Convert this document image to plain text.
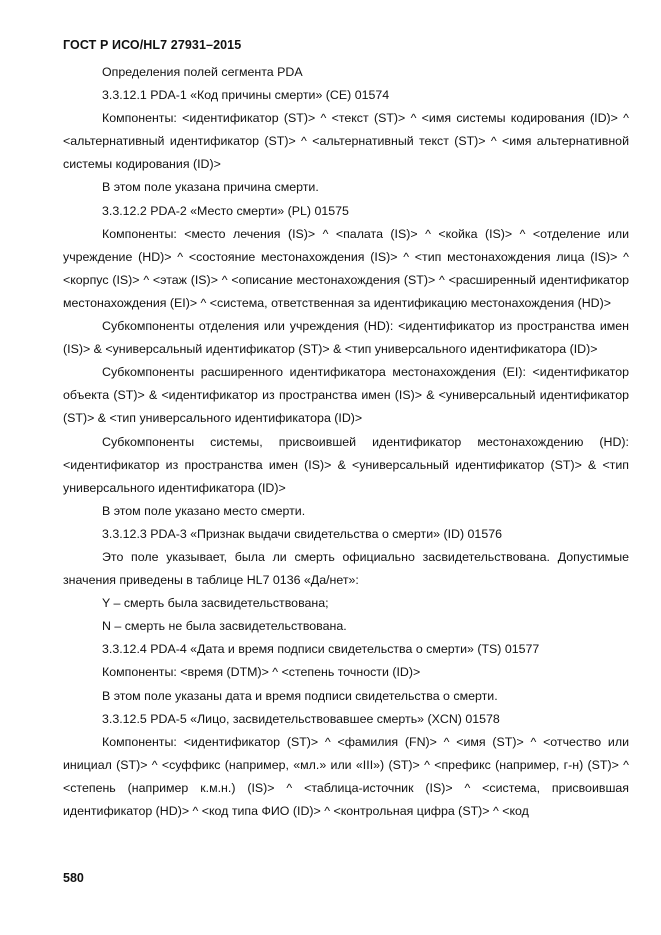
ГОСТ Р ИСО/HL7 27931–2015

Определения полей сегмента PDA

3.3.12.1 PDA-1 «Код причины смерти» (CE) 01574

Компоненты: <идентификатор (ST)> ^ <текст (ST)> ^ <имя системы кодирования (ID)> ^ <альтернативный идентификатор (ST)> ^ <альтернативный текст (ST)> ^ <имя альтернативной системы кодирования (ID)>

В этом поле указана причина смерти.

3.3.12.2 PDA-2 «Место смерти» (PL) 01575

Компоненты: <место лечения (IS)> ^ <палата (IS)> ^ <койка (IS)> ^ <отделение или учреждение (HD)> ^ <состояние местонахождения (IS)> ^ <тип местонахождения лица (IS)> ^ <корпус (IS)> ^ <этаж (IS)> ^ <описание местонахождения (ST)> ^ <расширенный идентификатор местонахождения (EI)> ^ <система, ответственная за идентификацию местонахождения (HD)>

Субкомпоненты отделения или учреждения (HD): <идентификатор из пространства имен (IS)> & <универсальный идентификатор (ST)> & <тип универсального идентификатора (ID)>

Субкомпоненты расширенного идентификатора местонахождения (EI): <идентификатор объекта (ST)> & <идентификатор из пространства имен (IS)> & <универсальный идентификатор (ST)> & <тип универсального идентификатора (ID)>

Субкомпоненты системы, присвоившей идентификатор местонахождению (HD): <идентификатор из пространства имен (IS)> & <универсальный идентификатор (ST)> & <тип универсального идентификатора (ID)>

В этом поле указано место смерти.

3.3.12.3 PDA-3 «Признак выдачи свидетельства о смерти» (ID) 01576

Это поле указывает, была ли смерть официально засвидетельствована. Допустимые значения приведены в таблице HL7 0136 «Да/нет»:

Y – смерть была засвидетельствована;

N – смерть не была засвидетельствована.

3.3.12.4 PDA-4 «Дата и время подписи свидетельства о смерти» (TS) 01577

Компоненты: <время (DTM)> ^ <степень точности (ID)>

В этом поле указаны дата и время подписи свидетельства о смерти.

3.3.12.5 PDA-5 «Лицо, засвидетельствовавшее смерть» (XCN) 01578

Компоненты: <идентификатор (ST)> ^ <фамилия (FN)> ^ <имя (ST)> ^ <отчество или инициал (ST)> ^ <суффикс (например, «мл.» или «III») (ST)> ^ <префикс (например, г-н) (ST)> ^ <степень (например к.м.н.) (IS)> ^ <таблица-источник (IS)> ^ <система, присвоившая идентификатор (HD)> ^ <код типа ФИО (ID)> ^ <контрольная цифра (ST)> ^ <код

580
